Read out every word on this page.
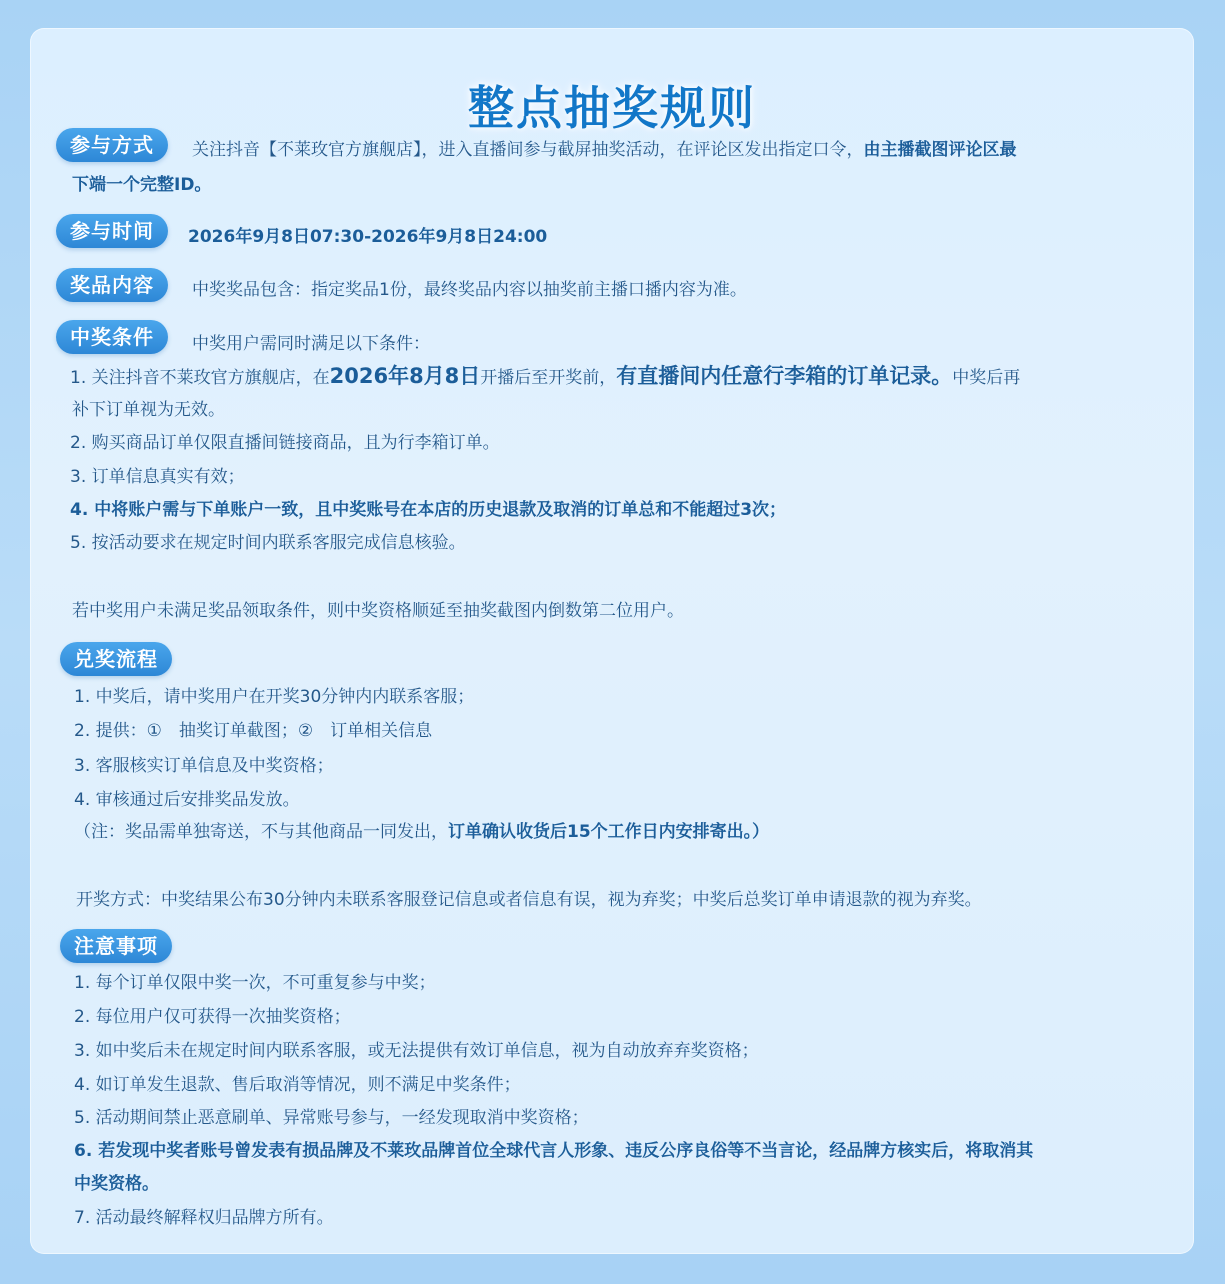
整点抽奖规则
参与方式	关注抖音【不莱玫官方旗舰店】，进入直播间参与截屏抽奖活动，在评论区发出指定口令，由主播截图评论区最
下端一个完整ID。
参与时间	2026年9月8日07:30-2026年9月8日24:00
奖品内容	中奖奖品包含：指定奖品1份，最终奖品内容以抽奖前主播口播内容为准。
中奖条件	中奖用户需同时满足以下条件：
1. 关注抖音不莱玫官方旗舰店，在2026年8月8日开播后至开奖前，有直播间内任意行李箱的订单记录。中奖后再
补下订单视为无效。
2. 购买商品订单仅限直播间链接商品，且为行李箱订单。
3. 订单信息真实有效；
4. 中将账户需与下单账户一致，且中奖账号在本店的历史退款及取消的订单总和不能超过3次；
5. 按活动要求在规定时间内联系客服完成信息核验。
若中奖用户未满足奖品领取条件，则中奖资格顺延至抽奖截图内倒数第二位用户。
兑奖流程
1. 中奖后，请中奖用户在开奖30分钟内内联系客服；
2. 提供：①　抽奖订单截图；②　订单相关信息
3. 客服核实订单信息及中奖资格；
4. 审核通过后安排奖品发放。
（注：奖品需单独寄送，不与其他商品一同发出，订单确认收货后15个工作日内安排寄出。）
开奖方式：中奖结果公布30分钟内未联系客服登记信息或者信息有误，视为弃奖；中奖后总奖订单申请退款的视为弃奖。
注意事项
1. 每个订单仅限中奖一次，不可重复参与中奖；
2. 每位用户仅可获得一次抽奖资格；
3. 如中奖后未在规定时间内联系客服，或无法提供有效订单信息，视为自动放弃弃奖资格；
4. 如订单发生退款、售后取消等情况，则不满足中奖条件；
5. 活动期间禁止恶意刷单、异常账号参与，一经发现取消中奖资格；
6. 若发现中奖者账号曾发表有损品牌及不莱玫品牌首位全球代言人形象、违反公序良俗等不当言论，经品牌方核实后，将取消其
中奖资格。
7. 活动最终解释权归品牌方所有。
